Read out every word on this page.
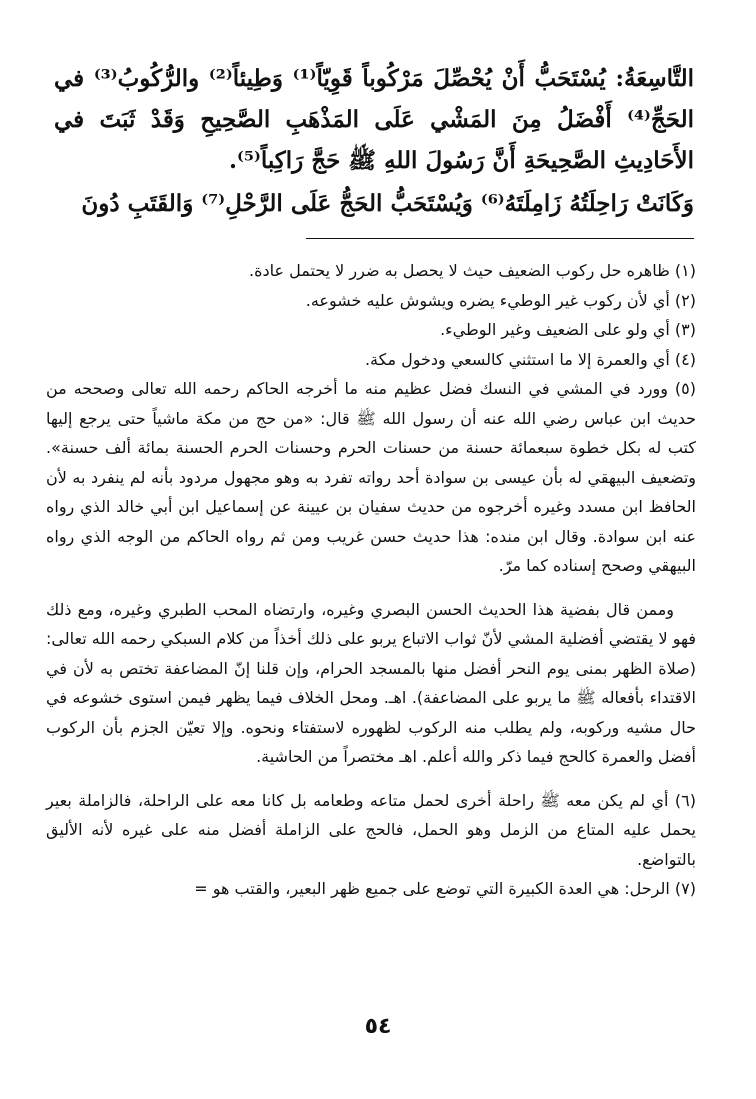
التَّاسِعَةُ: يُسْتَحَبُّ أَنْ يُحْصِّلَ مَرْكُوباً قَوِيّاً⁽¹⁾ وَطِيئاً⁽²⁾ والرُّكُوبُ⁽³⁾ في الحَجِّ⁽⁴⁾ أَفْضَلُ مِنَ المَشْي عَلَى المَذْهَبِ الصَّحِيحِ وَقَدْ ثَبَتَ في الأَحَادِيثِ الصَّحِيحَةِ أَنَّ رَسُولَ اللهِ ﷺ حَجَّ رَاكِباً⁽⁵⁾.

وَكَانَتْ رَاحِلَتُهُ زَامِلَتَهُ⁽⁶⁾ وَيُسْتَحَبُّ الحَجُّ عَلَى الرَّحْلِ⁽⁷⁾ وَالقَتَبِ دُونَ

(١) ظاهره حل ركوب الضعيف حيث لا يحصل به ضرر لا يحتمل عادة.

(٢) أي لأن ركوب غير الوطيء يضره ويشوش عليه خشوعه.

(٣) أي ولو على الضعيف وغير الوطيء.

(٤) أي والعمرة إلا ما استثني كالسعي ودخول مكة.

(٥) وورد في المشي في النسك فضل عظيم منه ما أخرجه الحاكم رحمه الله تعالى وصححه من حديث ابن عباس رضي الله عنه أن رسول الله ﷺ قال: «من حج من مكة ماشياً حتى يرجع إليها كتب له بكل خطوة سبعمائة حسنة من حسنات الحرم وحسنات الحرم الحسنة بمائة ألف حسنة». وتضعيف البيهقي له بأن عيسى بن سوادة أحد رواته تفرد به وهو مجهول مردود بأنه لم ينفرد به لأن الحافظ ابن مسدد وغيره أخرجوه من حديث سفيان بن عيينة عن إسماعيل ابن أبي خالد الذي رواه عنه ابن سوادة. وقال ابن منده: هذا حديث حسن غريب ومن ثم رواه الحاكم من الوجه الذي رواه البيهقي وصحح إسناده كما مرّ.

وممن قال بفضية هذا الحديث الحسن البصري وغيره، وارتضاه المحب الطبري وغيره، ومع ذلك فهو لا يقتضي أفضلية المشي لأنّ ثواب الاتباع يربو على ذلك أخذاً من كلام السبكي رحمه الله تعالى: (صلاة الظهر بمنى يوم النحر أفضل منها بالمسجد الحرام، وإن قلنا إنّ المضاعفة تختص به لأن في الاقتداء بأفعاله ﷺ ما يربو على المضاعفة). اهـ. ومحل الخلاف فيما يظهر فيمن استوى خشوعه في حال مشيه وركوبه، ولم يطلب منه الركوب لظهوره لاستفتاء ونحوه. وإلا تعيّن الجزم بأن الركوب أفضل والعمرة كالحج فيما ذكر والله أعلم. اهـ مختصراً من الحاشية.

(٦) أي لم يكن معه ﷺ راحلة أخرى لحمل متاعه وطعامه بل كانا معه على الراحلة، فالزاملة بعير يحمل عليه المتاع من الزمل وهو الحمل، فالحج على الزاملة أفضل منه على غيره لأنه الأليق بالتواضع.

(٧) الرحل: هي العدة الكبيرة التي توضع على جميع ظهر البعير، والقتب هو =

٥٤
